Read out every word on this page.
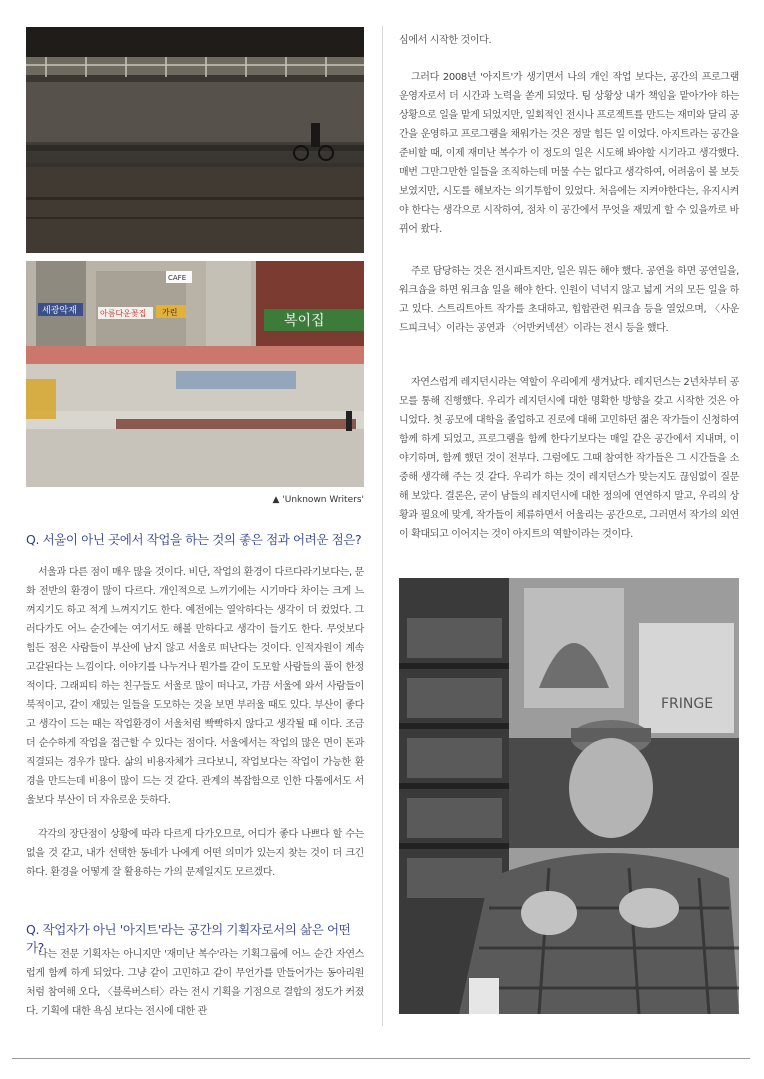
세광악재	아름다운꽃집 가린
복이집
CAFE
▲ 'Unknown Writers'
Q. 서울이 아닌 곳에서 작업을 하는 것의 좋은 점과 어려운 점은?

서울과 다른 점이 매우 많을 것이다. 비단, 작업의 환경이 다르다라기보다는, 문화 전반의 환경이 많이 다르다. 개인적으로 느끼기에는 시기마다 차이는 크게 느껴지기도 하고 적게 느껴지기도 한다. 예전에는 열악하다는 생각이 더 컸었다. 그러다가도 어느 순간에는 여기서도 해볼 만하다고 생각이 들기도 한다. 무엇보다 힘든 점은 사람들이 부산에 남지 않고 서울로 떠난다는 것이다. 인적자원이 계속 고갈된다는 느낌이다. 이야기를 나누거나 뭔가를 같이 도모할 사람들의 풀이 한정적이다. 그래피티 하는 친구들도 서울로 많이 떠나고, 가끔 서울에 와서 사람들이 북적이고, 같이 재밌는 일들을 도모하는 것을 보면 부러울 때도 있다. 부산이 좋다고 생각이 드는 때는 작업환경이 서울처럼 빡빡하지 않다고 생각될 때 이다. 조금 더 순수하게 작업을 접근할 수 있다는 점이다. 서울에서는 작업의 많은 면이 돈과 직결되는 경우가 많다. 삶의 비용자체가 크다보니, 작업보다는 작업이 가능한 환경을 만드는데 비용이 많이 드는 것 같다. 관계의 복잡함으로 인한 다툼에서도 서울보다 부산이 더 자유로운 듯하다.

각각의 장단점이 상황에 따라 다르게 다가오므로, 어디가 좋다 나쁘다 할 수는 없을 것 같고, 내가 선택한 동네가 나에게 어떤 의미가 있는지 찾는 것이 더 크긴 하다. 환경을 어떻게 잘 활용하는 가의 문제일지도 모르겠다.

Q. 작업자가 아닌 '아지트'라는 공간의 기획자로서의 삶은 어떤가?

나는 전문 기획자는 아니지만 '재미난 복수'라는 기획그룹에 어느 순간 자연스럽게 함께 하게 되었다. 그냥 같이 고민하고 같이 무언가를 만들어가는 동아리원처럼 참여해 오다, 〈블록버스터〉라는 전시 기획을 기점으로 결합의 정도가 커졌다. 기획에 대한 욕심 보다는 전시에 대한 관

심에서 시작한 것이다.

그러다 2008년 '아지트'가 생기면서 나의 개인 작업 보다는, 공간의 프로그램 운영자로서 더 시간과 노력을 쏟게 되었다. 팀 상황상 내가 책임을 맡아가야 하는 상황으로 일을 맡게 되었지만, 일회적인 전시나 프로젝트를 만드는 재미와 달리 공간을 운영하고 프로그램을 채워가는 것은 정말 힘든 일 이었다. 아지트라는 공간을 준비할 때, 이제 재미난 복수가 이 정도의 일은 시도해 봐야할 시기라고 생각했다. 매번 그만그만한 일들을 조직하는데 머물 수는 없다고 생각하여, 어려움이 볼 보듯 보였지만, 시도를 해보자는 의기투합이 있었다. 처음에는 지켜야한다는, 유지시켜야 한다는 생각으로 시작하여, 점차 이 공간에서 무엇을 재밌게 할 수 있을까로 바뀌어 왔다.

주로 담당하는 것은 전시파트지만, 일은 뭐든 해야 했다. 공연을 하면 공연일을, 워크숍을 하면 워크숍 일을 해야 한다. 인원이 넉넉지 않고 넓게 거의 모든 일을 하고 있다. 스트리트아트 작가를 초대하고, 힙합관련 워크숍 등을 열었으며, 〈사운드피크닉〉이라는 공연과 〈어반커넥션〉이라는 전시 등을 했다.

자연스럽게 레지던시라는 역할이 우리에게 생겨났다. 레지던스는 2년차부터 공모를 통해 진행했다. 우리가 레지던시에 대한 명확한 방향을 갖고 시작한 것은 아니었다. 첫 공모에 대학을 졸업하고 진로에 대해 고민하던 젊은 작가들이 신청하여 함께 하게 되었고, 프로그램을 함께 한다기보다는 매일 같은 공간에서 지내며, 이야기하며, 함께 했던 것이 전부다. 그럼에도 그때 참여한 작가들은 그 시간들을 소중해 생각해 주는 것 같다. 우리가 하는 것이 레지던스가 맞는지도 끊임없이 질문해 보았다. 결론은, 굳이 남들의 레지던시에 대한 정의에 연연하지 말고, 우리의 상황과 필요에 맞게, 작가들이 체류하면서 어울리는 공간으로, 그러면서 작가의 외연이 확대되고 이어지는 것이 아지트의 역할이라는 것이다.

FRINGE
